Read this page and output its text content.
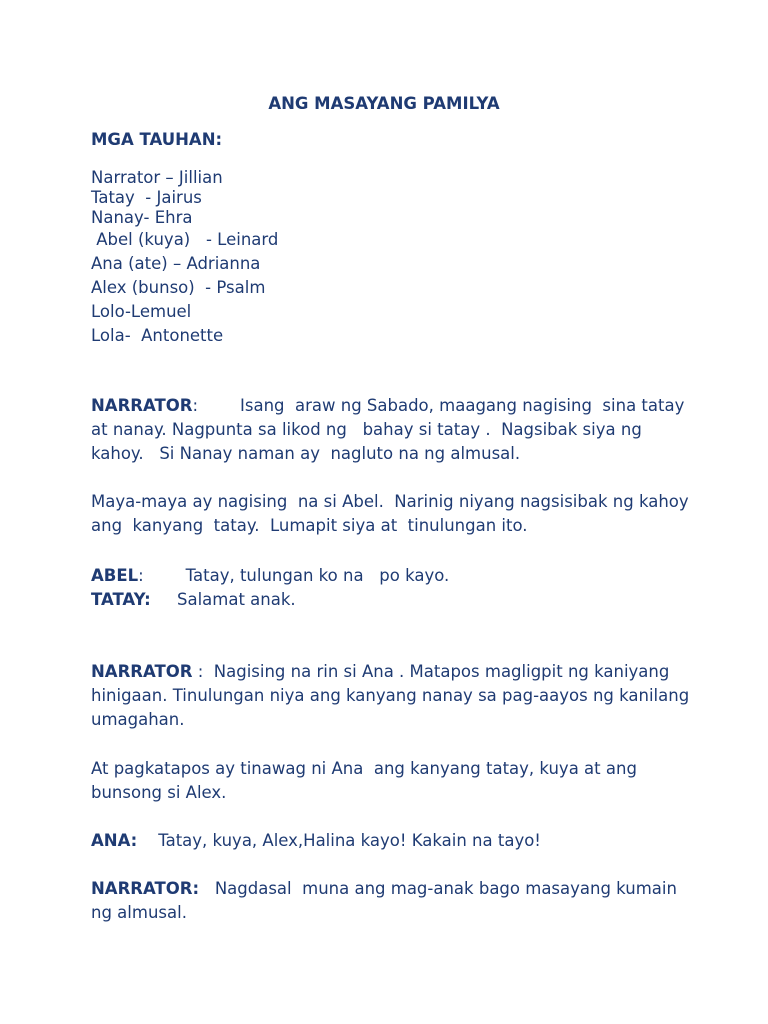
ANG MASAYANG PAMILYA
MGA TAUHAN:
Narrator – Jillian
Tatay  - Jairus
Nanay- Ehra
Abel (kuya)   - Leinard
Ana (ate) – Adrianna
Alex (bunso)  - Psalm
Lolo-Lemuel
Lola-  Antonette
NARRATOR:        Isang  araw ng Sabado, maagang nagising  sina tatay at nanay. Nagpunta sa likod ng   bahay si tatay .  Nagsibak siya ng kahoy.   Si Nanay naman ay  nagluto na ng almusal.
Maya-maya ay nagising  na si Abel.  Narinig niyang nagsisibak ng kahoy  ang  kanyang  tatay.  Lumapit siya at  tinulungan ito.
ABEL:        Tatay, tulungan ko na   po kayo.
TATAY: Salamat anak.
NARRATOR :  Nagising na rin si Ana . Matapos magligpit ng kaniyang hinigaan. Tinulungan niya ang kanyang nanay sa pag-aayos ng kanilang umagahan.
At pagkatapos ay tinawag ni Ana  ang kanyang tatay, kuya at ang bunsong si Alex.
ANA: Tatay, kuya, Alex,Halina kayo! Kakain na tayo!
NARRATOR: Nagdasal  muna ang mag-anak bago masayang kumain  ng almusal.
